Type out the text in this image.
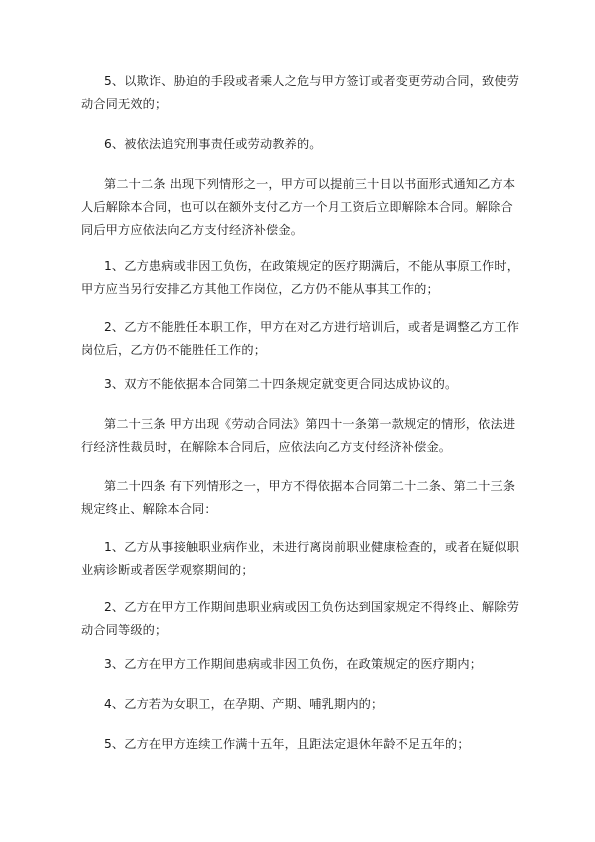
5、以欺诈、胁迫的手段或者乘人之危与甲方签订或者变更劳动合同，致使劳动合同无效的；

6、被依法追究刑事责任或劳动教养的。

第二十二条 出现下列情形之一，甲方可以提前三十日以书面形式通知乙方本人后解除本合同，也可以在额外支付乙方一个月工资后立即解除本合同。解除合同后甲方应依法向乙方支付经济补偿金。

1、乙方患病或非因工负伤，在政策规定的医疗期满后，不能从事原工作时，甲方应当另行安排乙方其他工作岗位，乙方仍不能从事其工作的；

2、乙方不能胜任本职工作，甲方在对乙方进行培训后，或者是调整乙方工作岗位后，乙方仍不能胜任工作的；

3、双方不能依据本合同第二十四条规定就变更合同达成协议的。

第二十三条 甲方出现《劳动合同法》第四十一条第一款规定的情形，依法进行经济性裁员时，在解除本合同后，应依法向乙方支付经济补偿金。

第二十四条 有下列情形之一，甲方不得依据本合同第二十二条、第二十三条规定终止、解除本合同：

1、乙方从事接触职业病作业，未进行离岗前职业健康检查的，或者在疑似职业病诊断或者医学观察期间的；

2、乙方在甲方工作期间患职业病或因工负伤达到国家规定不得终止、解除劳动合同等级的；

3、乙方在甲方工作期间患病或非因工负伤，在政策规定的医疗期内；

4、乙方若为女职工，在孕期、产期、哺乳期内的；

5、乙方在甲方连续工作满十五年，且距法定退休年龄不足五年的；
